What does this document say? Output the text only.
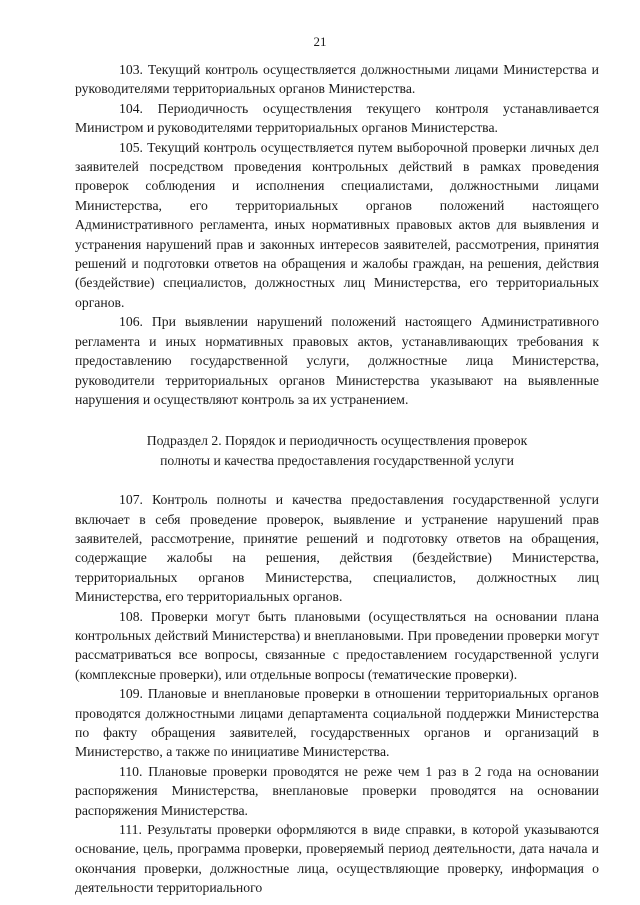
21

103. Текущий контроль осуществляется должностными лицами Министерства и руководителями территориальных органов Министерства.

104. Периодичность осуществления текущего контроля устанавливается Министром и руководителями территориальных органов Министерства.

105. Текущий контроль осуществляется путем выборочной проверки личных дел заявителей посредством проведения контрольных действий в рамках проведения проверок соблюдения и исполнения специалистами, должностными лицами Министерства, его территориальных органов положений настоящего Административного регламента, иных нормативных правовых актов для выявления и устранения нарушений прав и законных интересов заявителей, рассмотрения, принятия решений и подготовки ответов на обращения и жалобы граждан, на решения, действия (бездействие) специалистов, должностных лиц Министерства, его территориальных органов.

106. При выявлении нарушений положений настоящего Административного регламента и иных нормативных правовых актов, устанавливающих требования к предоставлению государственной услуги, должностные лица Министерства, руководители территориальных органов Министерства указывают на выявленные нарушения и осуществляют контроль за их устранением.

Подраздел 2. Порядок и периодичность осуществления проверок
полноты и качества предоставления государственной услуги

107. Контроль полноты и качества предоставления государственной услуги включает в себя проведение проверок, выявление и устранение нарушений прав заявителей, рассмотрение, принятие решений и подготовку ответов на обращения, содержащие жалобы на решения, действия (бездействие) Министерства, территориальных органов Министерства, специалистов, должностных лиц Министерства, его территориальных органов.

108. Проверки могут быть плановыми (осуществляться на основании плана контрольных действий Министерства) и внеплановыми. При проведении проверки могут рассматриваться все вопросы, связанные с предоставлением государственной услуги (комплексные проверки), или отдельные вопросы (тематические проверки).

109. Плановые и внеплановые проверки в отношении территориальных органов проводятся должностными лицами департамента социальной поддержки Министерства по факту обращения заявителей, государственных органов и организаций в Министерство, а также по инициативе Министерства.

110. Плановые проверки проводятся не реже чем 1 раз в 2 года на основании распоряжения Министерства, внеплановые проверки проводятся на основании распоряжения Министерства.

111. Результаты проверки оформляются в виде справки, в которой указываются основание, цель, программа проверки, проверяемый период деятельности, дата начала и окончания проверки, должностные лица, осуществляющие проверку, информация о деятельности территориального
